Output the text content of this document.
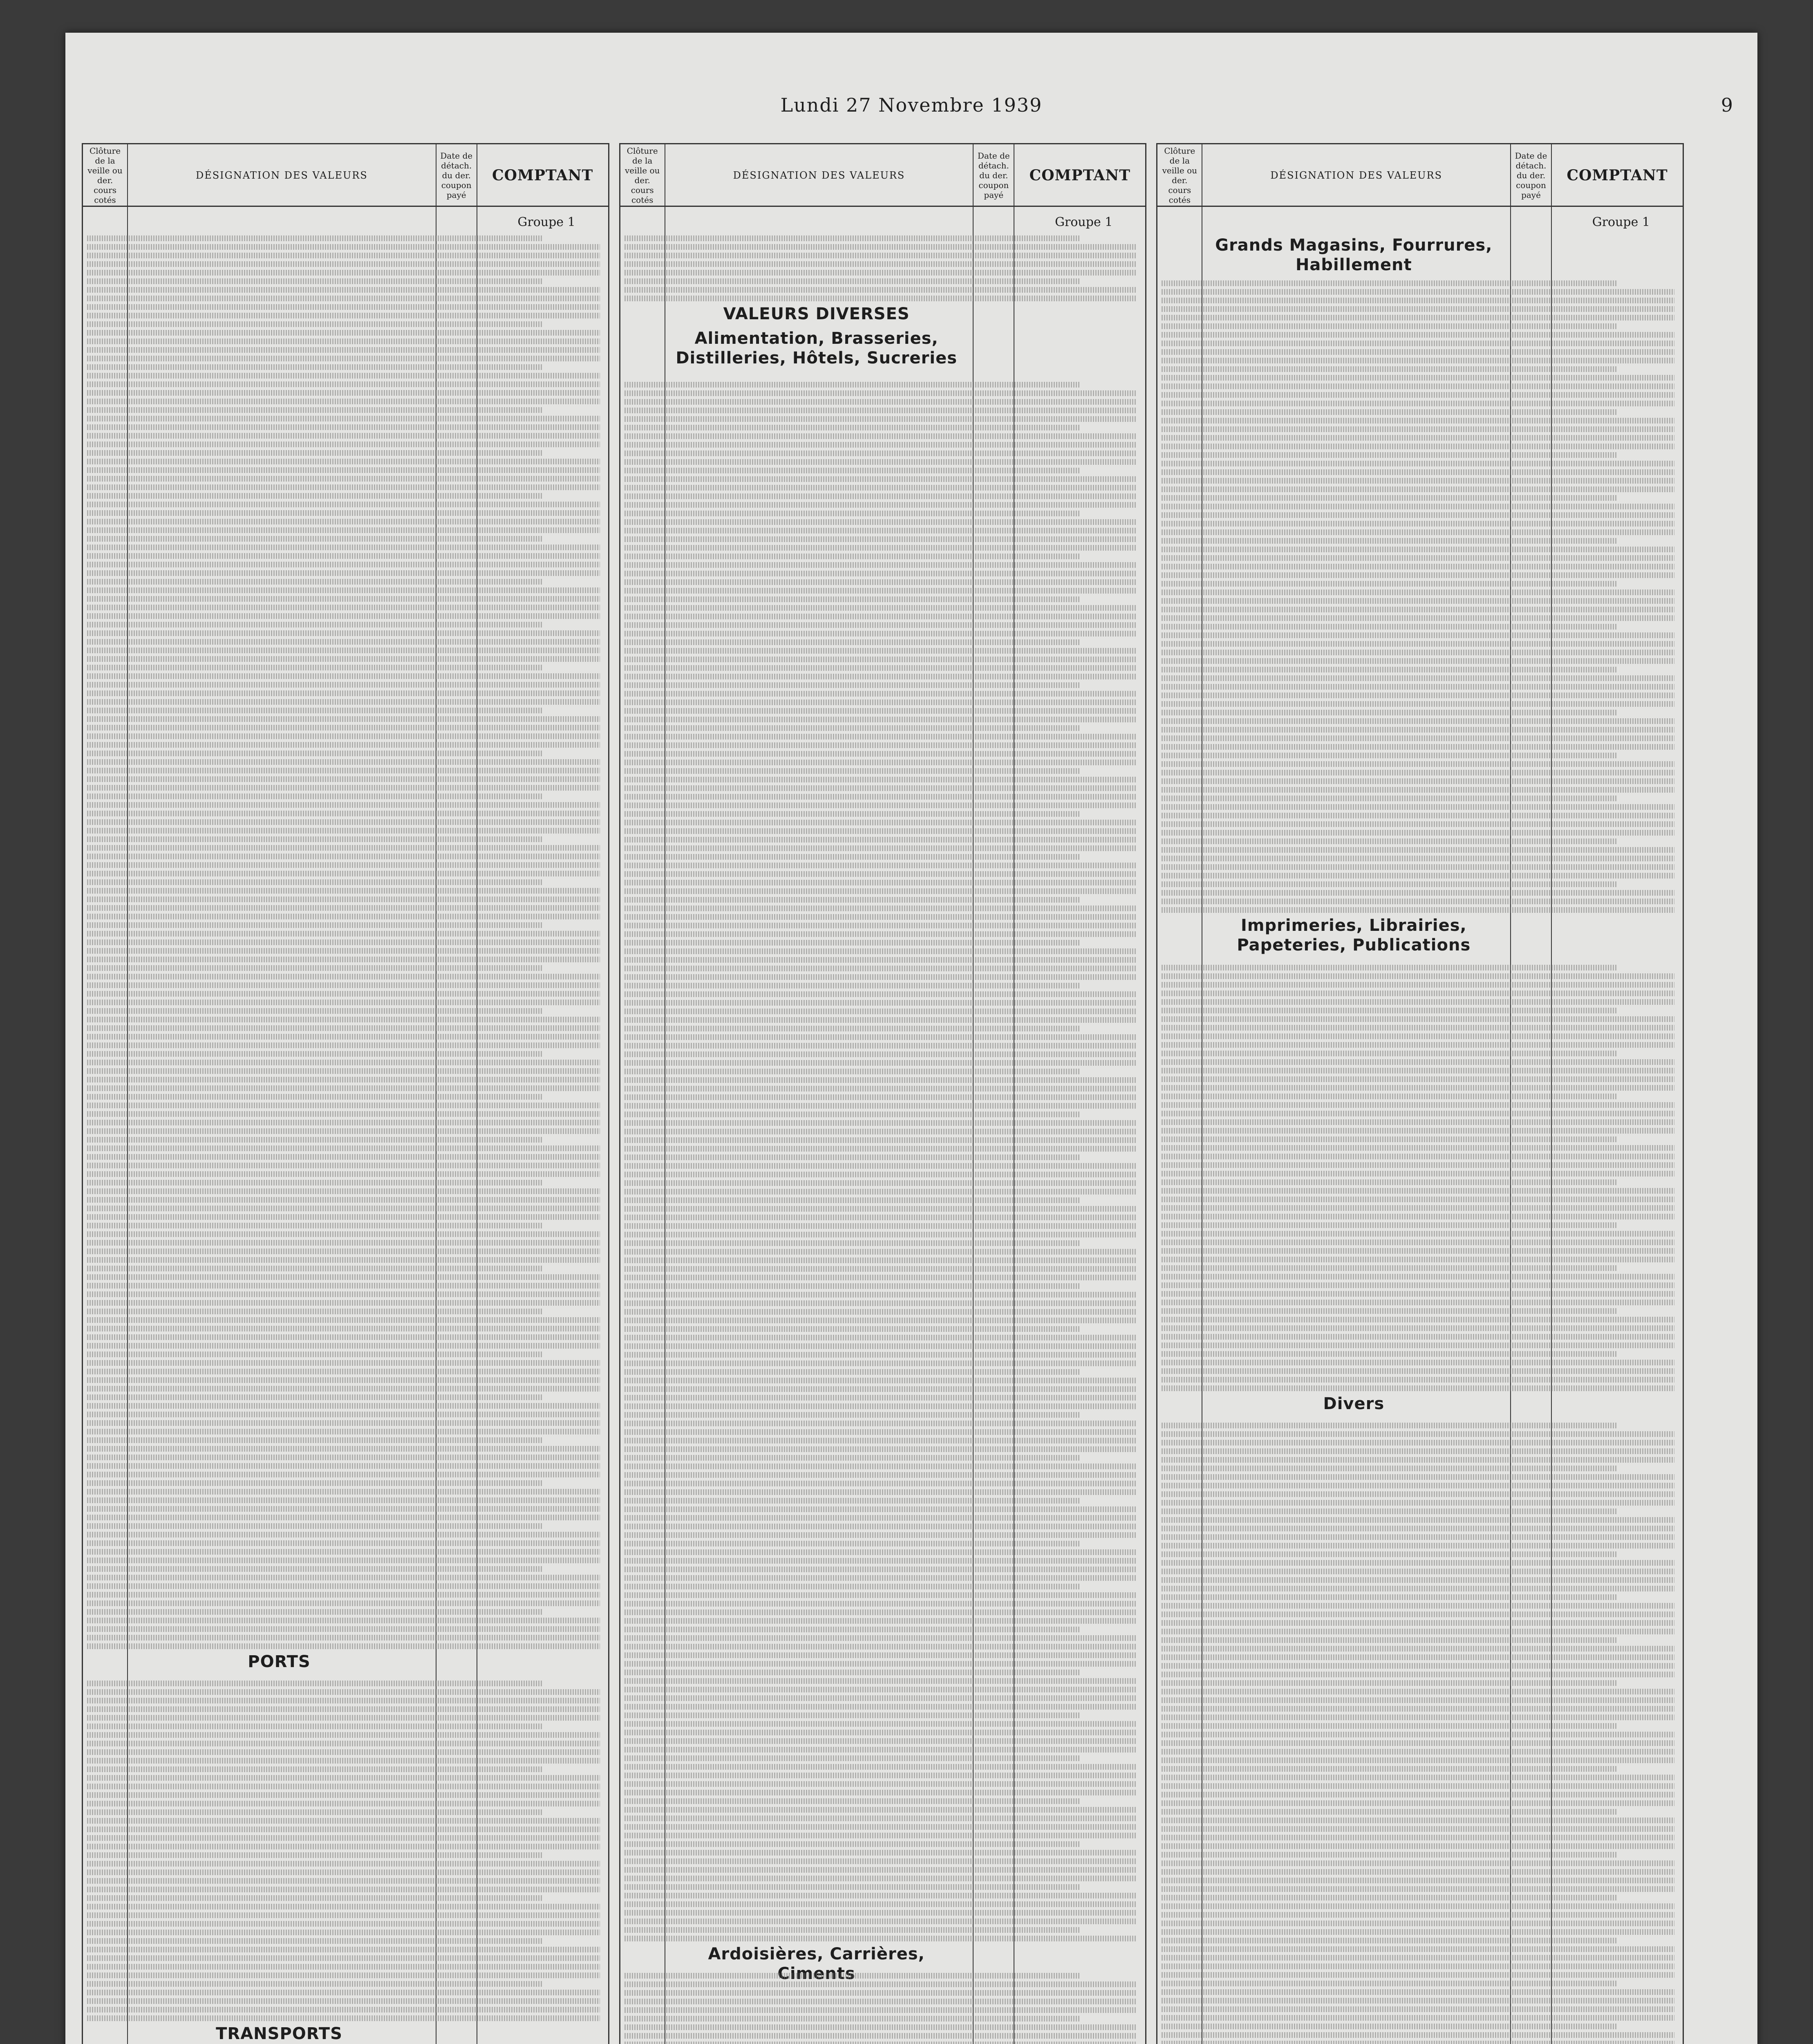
Lundi 27 Novembre 1939	9
Clôture de la veille ou der. cours cotés
DÉSIGNATION DES VALEURS
Date de détach. du der. coupon payé
COMPTANT
Groupe 1
PORTS
TRANSPORTS
Clôture de la veille ou der. cours cotés
DÉSIGNATION DES VALEURS
Date de détach. du der. coupon payé
COMPTANT
Groupe 1
VALEURS DIVERSES
Alimentation, Brasseries, Distilleries, Hôtels, Sucreries
Ardoisières, Carrières, Ciments
Clôture de la veille ou der. cours cotés
DÉSIGNATION DES VALEURS
Date de détach. du der. coupon payé
COMPTANT
Groupe 1
Grands Magasins, Fourrures, Habillement
Imprimeries, Librairies, Papeteries, Publications
Divers
